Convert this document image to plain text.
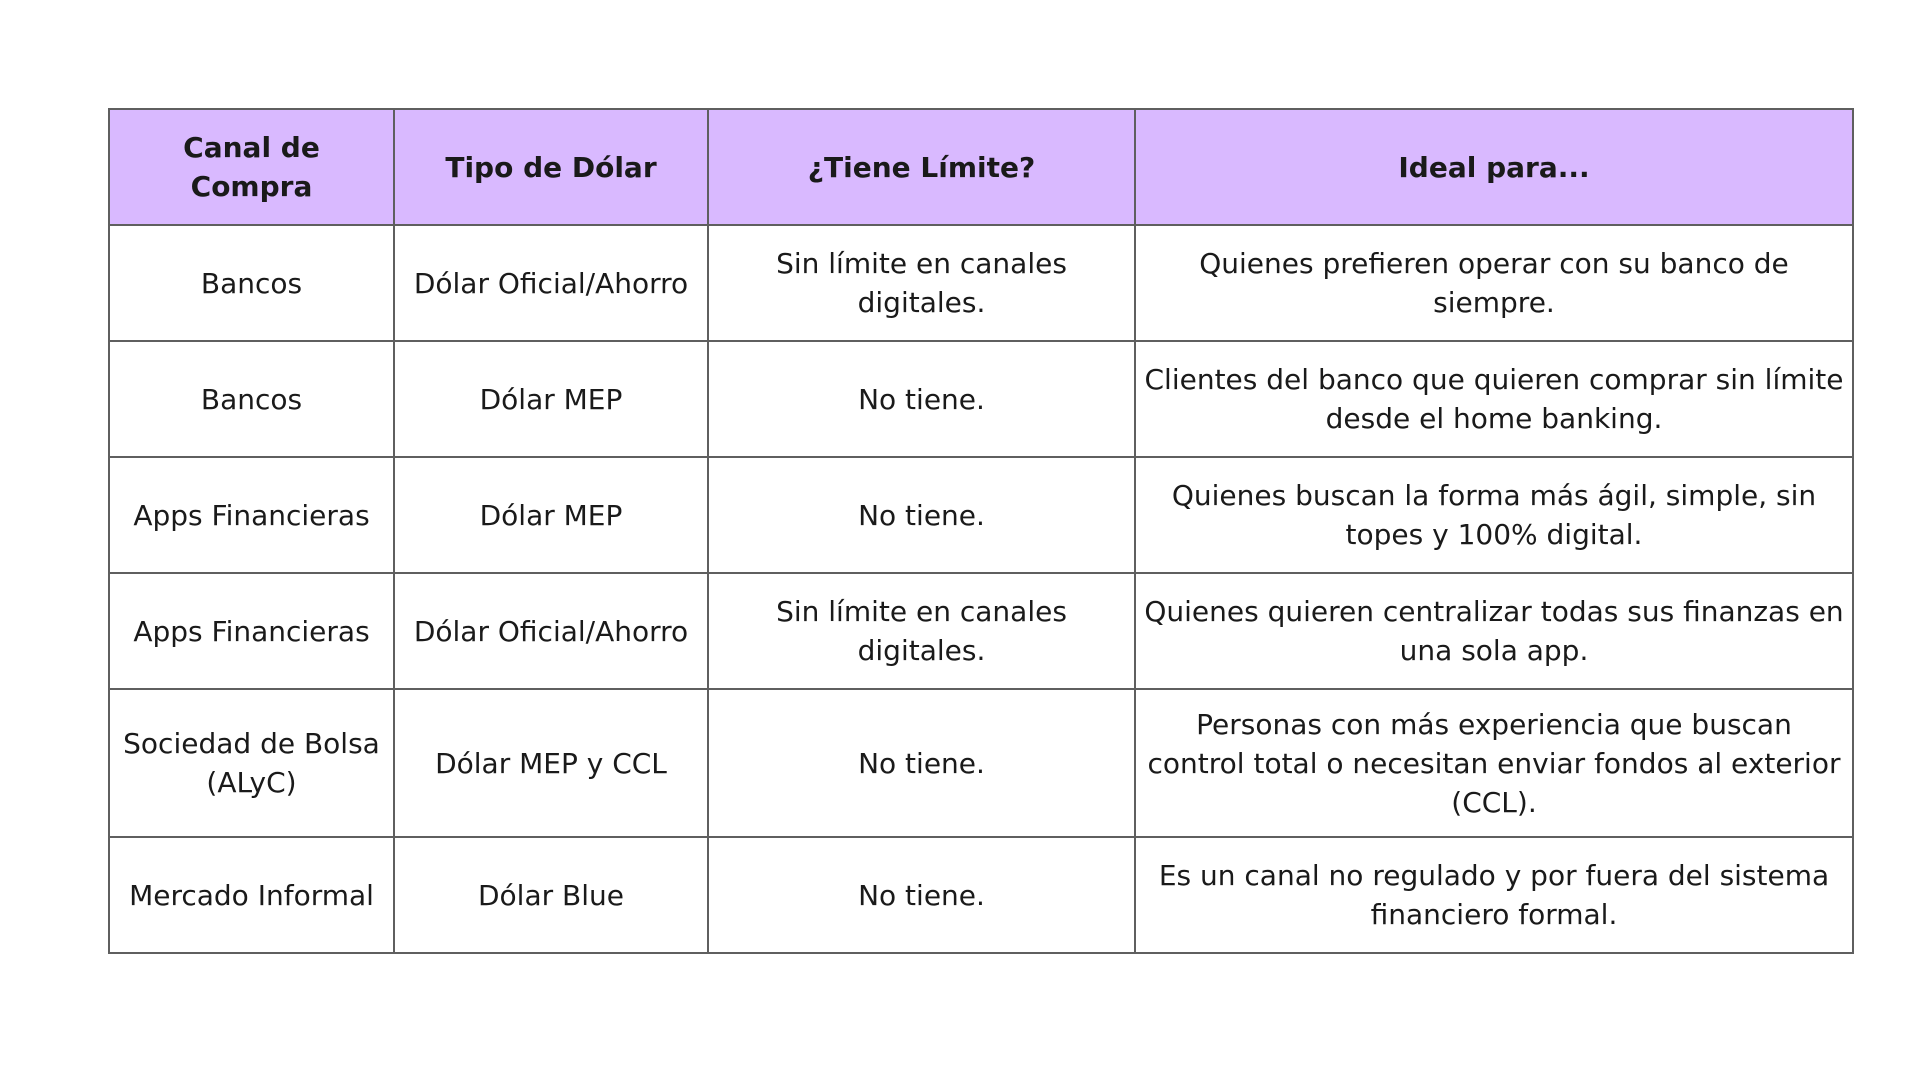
Canal de Compra	Tipo de Dólar	¿Tiene Límite?	Ideal para...
Bancos	Dólar Oficial/Ahorro	Sin límite en canales digitales.	Quienes prefieren operar con su banco de siempre.
Bancos	Dólar MEP	No tiene.	Clientes del banco que quieren comprar sin límite desde el home banking.
Apps Financieras	Dólar MEP	No tiene.	Quienes buscan la forma más ágil, simple, sin topes y 100% digital.
Apps Financieras	Dólar Oficial/Ahorro	Sin límite en canales digitales.	Quienes quieren centralizar todas sus finanzas en una sola app.
Sociedad de Bolsa (ALyC)	Dólar MEP y CCL	No tiene.	Personas con más experiencia que buscan control total o necesitan enviar fondos al exterior (CCL).
Mercado Informal	Dólar Blue	No tiene.	Es un canal no regulado y por fuera del sistema financiero formal.
